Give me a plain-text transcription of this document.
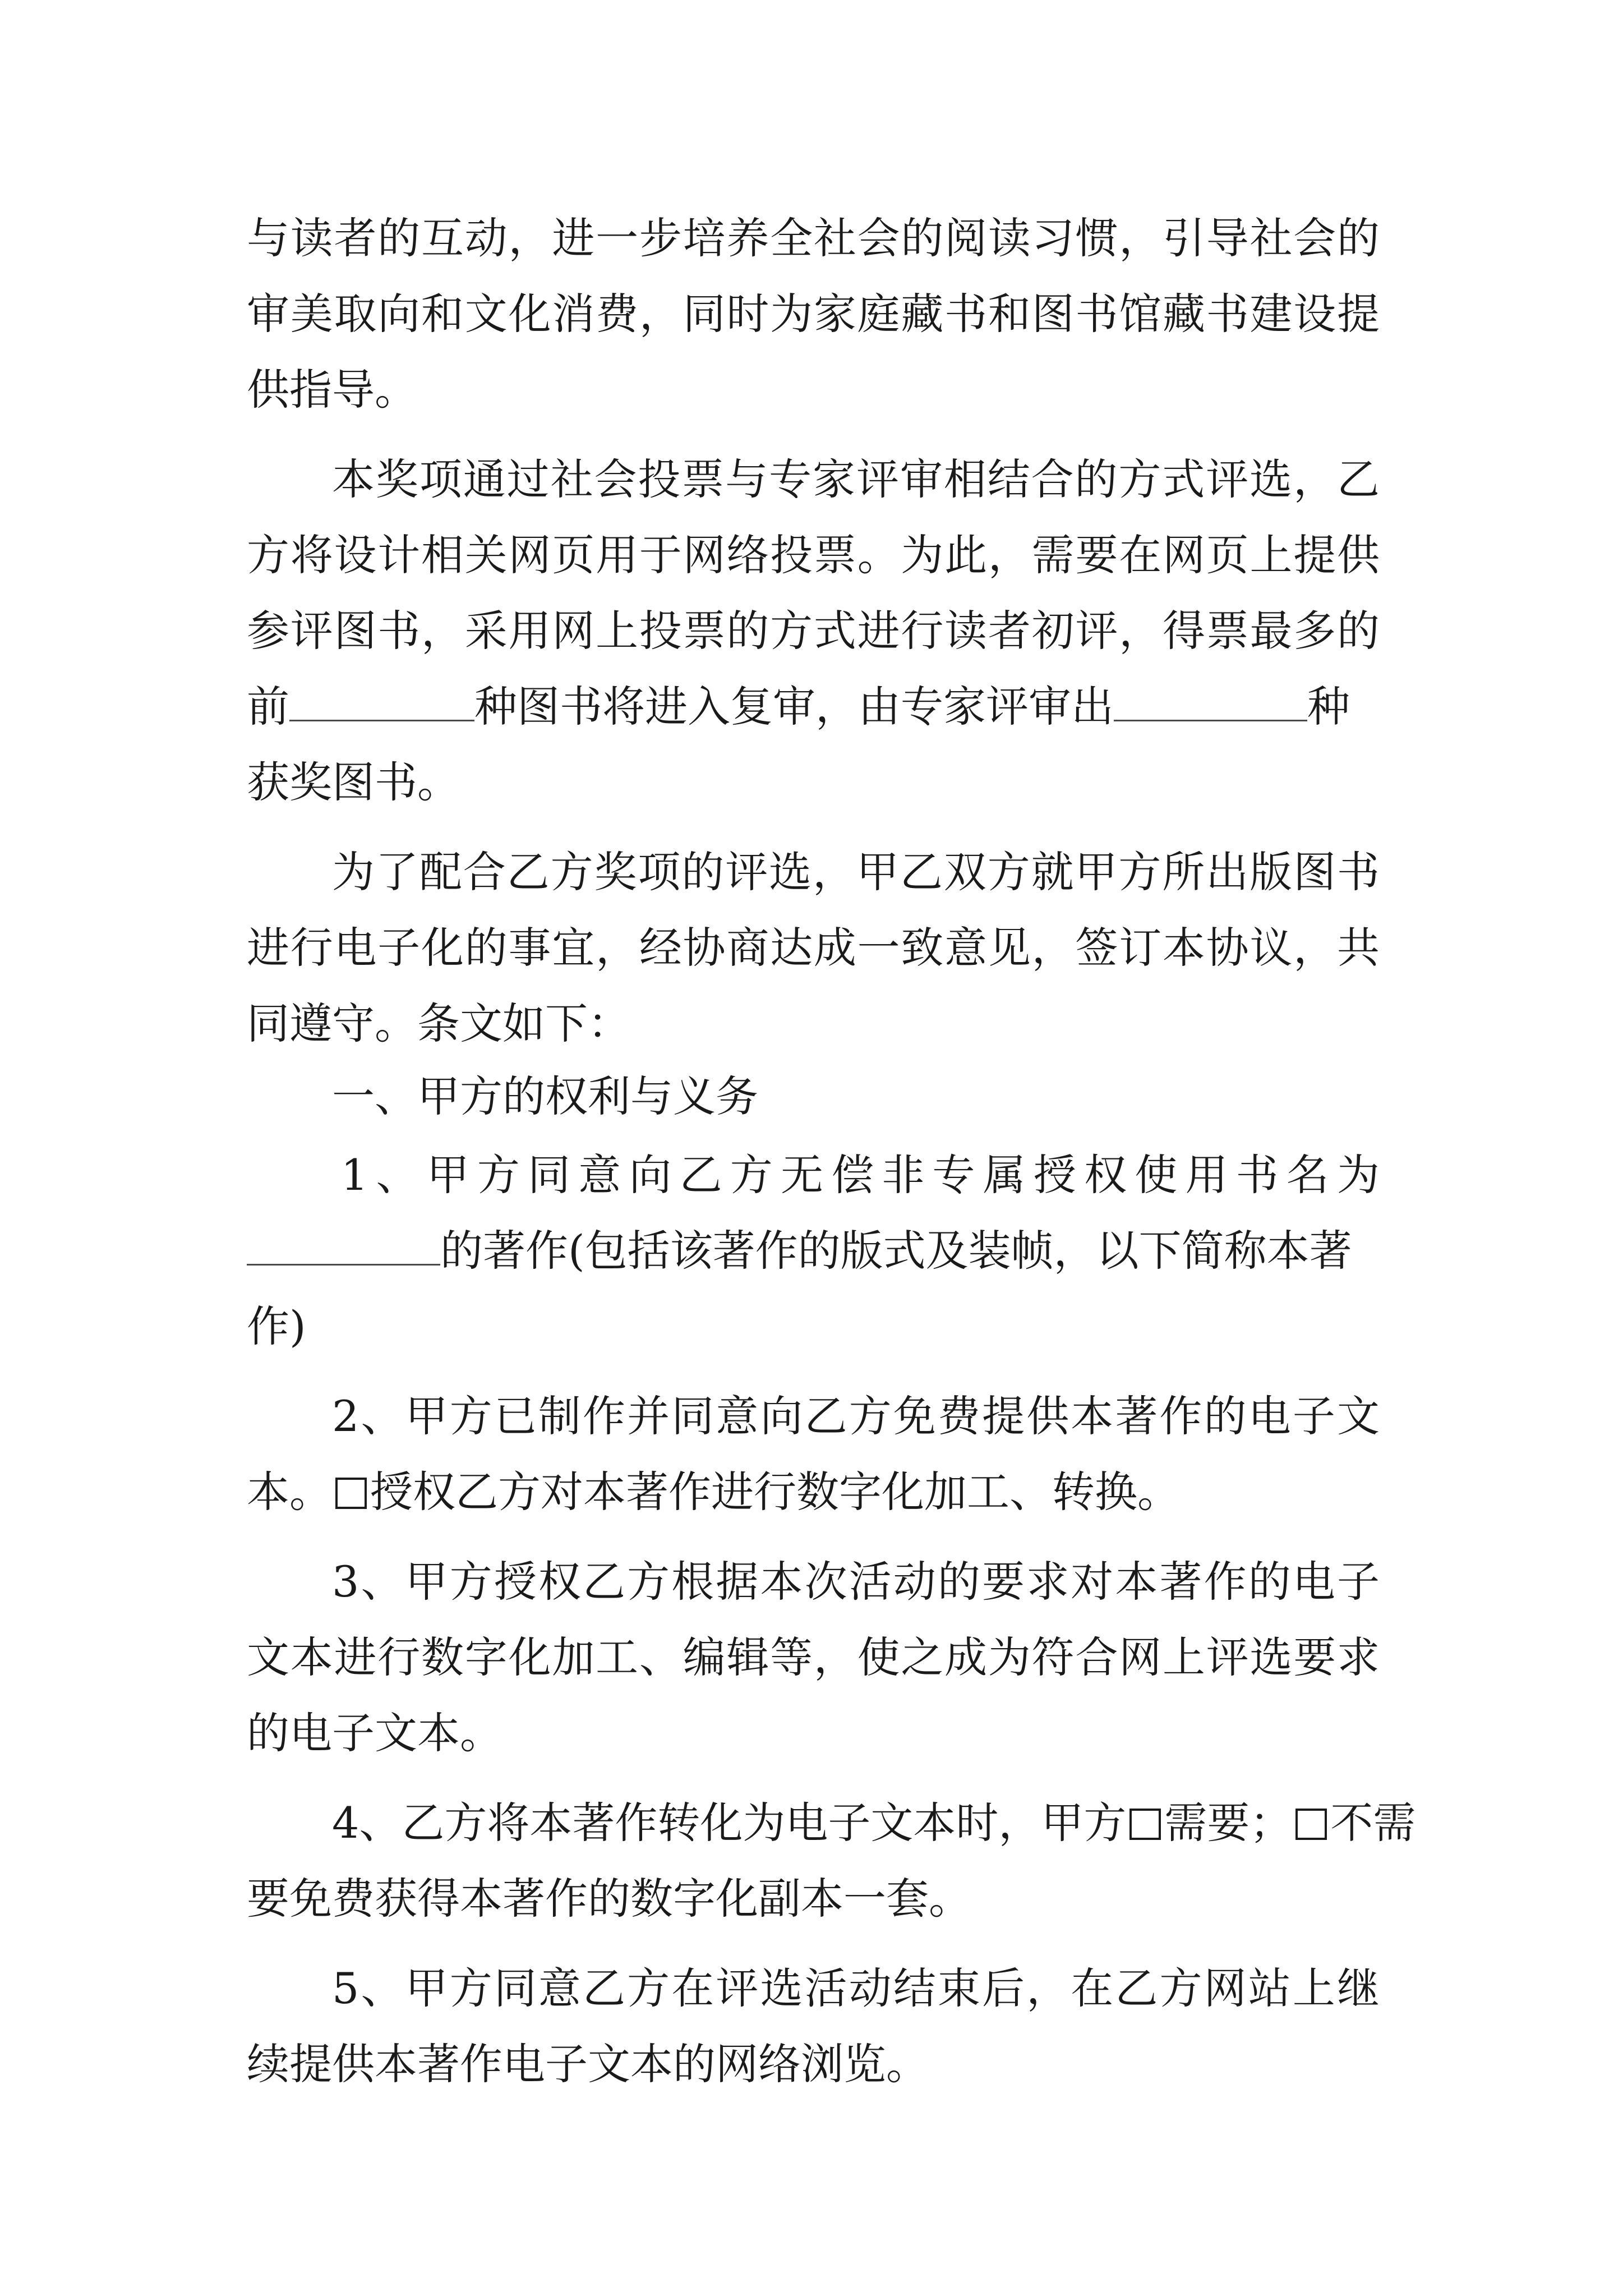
与读者的互动，进一步培养全社会的阅读习惯，引导社会的
审美取向和文化消费，同时为家庭藏书和图书馆藏书建设提
供指导。
本奖项通过社会投票与专家评审相结合的方式评选，乙
方将设计相关网页用于网络投票。为此，需要在网页上提供
参评图书，采用网上投票的方式进行读者初评，得票最多的
前	种图书将进入复审，由专家评审出	种
获奖图书。
为了配合乙方奖项的评选，甲乙双方就甲方所出版图书
进行电子化的事宜，经协商达成一致意见，签订本协议，共
同遵守。条文如下：
一、甲方的权利与义务
1、甲方同意向乙方无偿非专属授权使用书名为
的著作(包括该著作的版式及装帧，以下简称本著
作)
2、甲方已制作并同意向乙方免费提供本著作的电子文
本。 授权乙方对本著作进行数字化加工、转换。
3、甲方授权乙方根据本次活动的要求对本著作的电子
文本进行数字化加工、编辑等，使之成为符合网上评选要求
的电子文本。
4、乙方将本著作转化为电子文本时，甲方 需要； 不需
要免费获得本著作的数字化副本一套。
5、甲方同意乙方在评选活动结束后，在乙方网站上继
续提供本著作电子文本的网络浏览。
